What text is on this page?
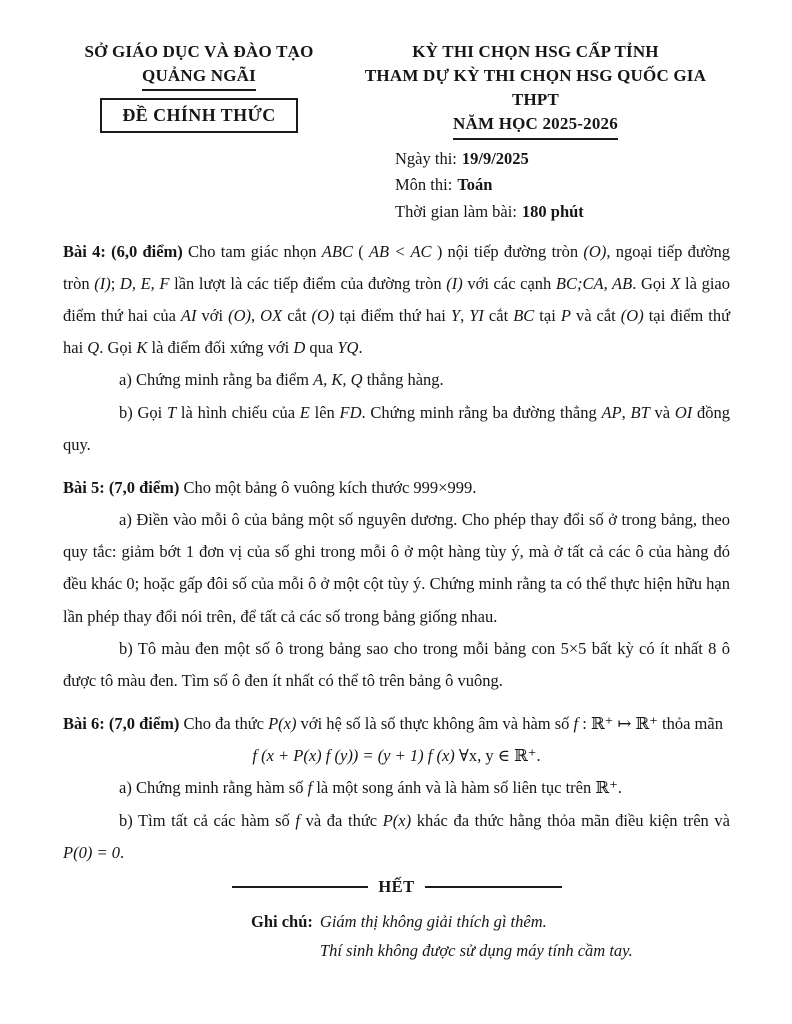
SỞ GIÁO DỤC VÀ ĐÀO TẠO
QUẢNG NGÃI
ĐỀ CHÍNH THỨC
KỲ THI CHỌN HSG CẤP TỈNH
THAM DỰ KỲ THI CHỌN HSG QUỐC GIA THPT
NĂM HỌC 2025-2026
Ngày thi: 19/9/2025
Môn thi: Toán
Thời gian làm bài: 180 phút

Bài 4: (6,0 điểm) Cho tam giác nhọn ABC ( AB < AC ) nội tiếp đường tròn (O), ngoại tiếp đường tròn (I); D, E, F lần lượt là các tiếp điểm của đường tròn (I) với các cạnh BC;CA, AB. Gọi X là giao điểm thứ hai của AI với (O), OX cắt (O) tại điểm thứ hai Y, YI cắt BC tại P và cắt (O) tại điểm thứ hai Q. Gọi K là điểm đối xứng với D qua YQ.

a) Chứng minh rằng ba điểm A, K, Q thẳng hàng.

b) Gọi T là hình chiếu của E lên FD. Chứng minh rằng ba đường thẳng AP, BT và OI đồng quy.

Bài 5: (7,0 điểm) Cho một bảng ô vuông kích thước 999×999.

a) Điền vào mỗi ô của bảng một số nguyên dương. Cho phép thay đổi số ở trong bảng, theo quy tắc: giảm bớt 1 đơn vị của số ghi trong mỗi ô ở một hàng tùy ý, mà ở tất cả các ô của hàng đó đều khác 0; hoặc gấp đôi số của mỗi ô ở một cột tùy ý. Chứng minh rằng ta có thể thực hiện hữu hạn lần phép thay đổi nói trên, để tất cả các số trong bảng giống nhau.

b) Tô màu đen một số ô trong bảng sao cho trong mỗi bảng con 5×5 bất kỳ có ít nhất 8 ô được tô màu đen. Tìm số ô đen ít nhất có thể tô trên bảng ô vuông.

Bài 6: (7,0 điểm) Cho đa thức P(x) với hệ số là số thực không âm và hàm số f : ℝ⁺ ↦ ℝ⁺ thỏa mãn

f (x + P(x) f (y)) = (y + 1) f (x) ∀x, y ∈ ℝ⁺.

a) Chứng minh rằng hàm số f là một song ánh và là hàm số liên tục trên ℝ⁺.

b) Tìm tất cả các hàm số f và đa thức P(x) khác đa thức hằng thỏa mãn điều kiện trên và P(0) = 0.

HẾT
Ghi chú: Giám thị không giải thích gì thêm.
Thí sinh không được sử dụng máy tính cầm tay.
